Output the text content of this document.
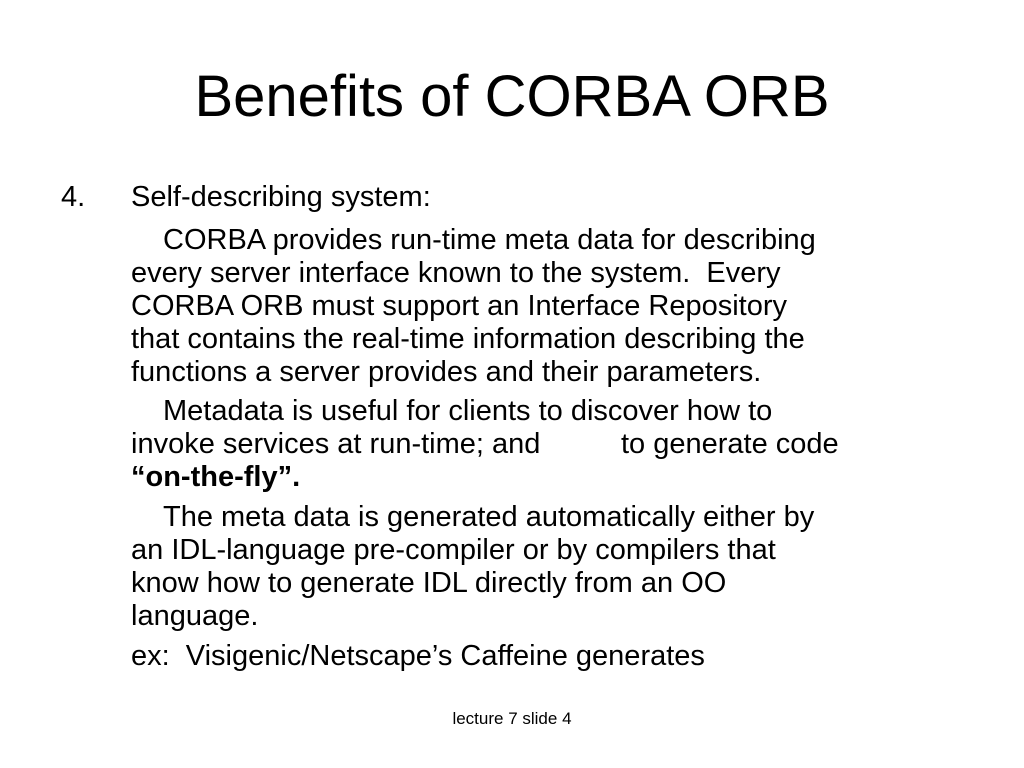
Benefits of CORBA ORB
4. Self-describing system:
CORBA provides run-time meta data for describing
every server interface known to the system.  Every
CORBA ORB must support an Interface Repository
that contains the real-time information describing the
functions a server provides and their parameters.
Metadata is useful for clients to discover how to
invoke services at run-time; and          to generate code
“on-the-fly”.
The meta data is generated automatically either by
an IDL-language pre-compiler or by compilers that
know how to generate IDL directly from an OO
language.
ex:  Visigenic/Netscape’s Caffeine generates
lecture 7 slide 4
